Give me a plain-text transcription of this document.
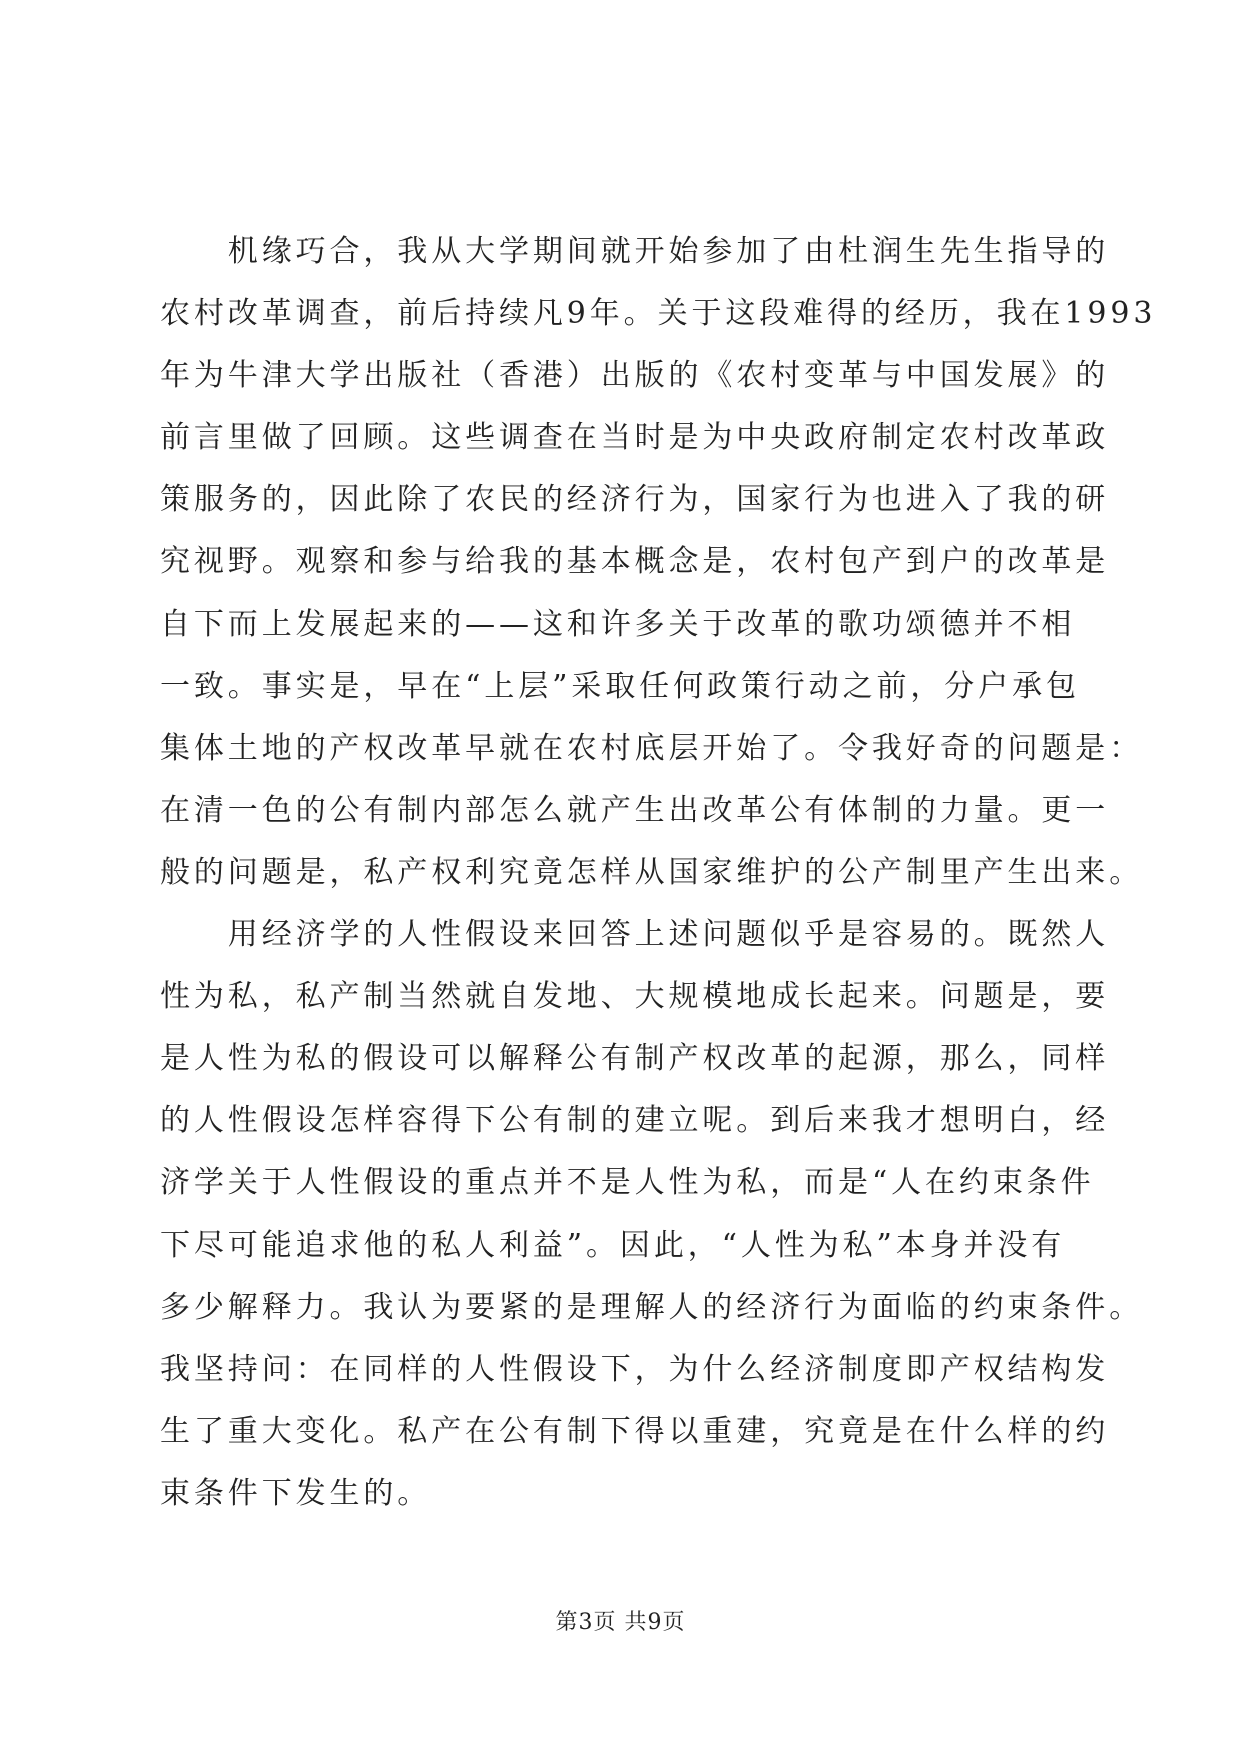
　　机缘巧合，我从大学期间就开始参加了由杜润生先生指导的
农村改革调查，前后持续凡9年。关于这段难得的经历，我在1993
年为牛津大学出版社（香港）出版的《农村变革与中国发展》的
前言里做了回顾。这些调查在当时是为中央政府制定农村改革政
策服务的，因此除了农民的经济行为，国家行为也进入了我的研
究视野。观察和参与给我的基本概念是，农村包产到户的改革是
自下而上发展起来的——这和许多关于改革的歌功颂德并不相
一致。事实是，早在“上层”采取任何政策行动之前，分户承包
集体土地的产权改革早就在农村底层开始了。令我好奇的问题是：
在清一色的公有制内部怎么就产生出改革公有体制的力量。更一
般的问题是，私产权利究竟怎样从国家维护的公产制里产生出来。
　　用经济学的人性假设来回答上述问题似乎是容易的。既然人
性为私，私产制当然就自发地、大规模地成长起来。问题是，要
是人性为私的假设可以解释公有制产权改革的起源，那么，同样
的人性假设怎样容得下公有制的建立呢。到后来我才想明白，经
济学关于人性假设的重点并不是人性为私，而是“人在约束条件
下尽可能追求他的私人利益”。因此，“人性为私”本身并没有
多少解释力。我认为要紧的是理解人的经济行为面临的约束条件。
我坚持问：在同样的人性假设下，为什么经济制度即产权结构发
生了重大变化。私产在公有制下得以重建，究竟是在什么样的约
束条件下发生的。
第3页 共9页
